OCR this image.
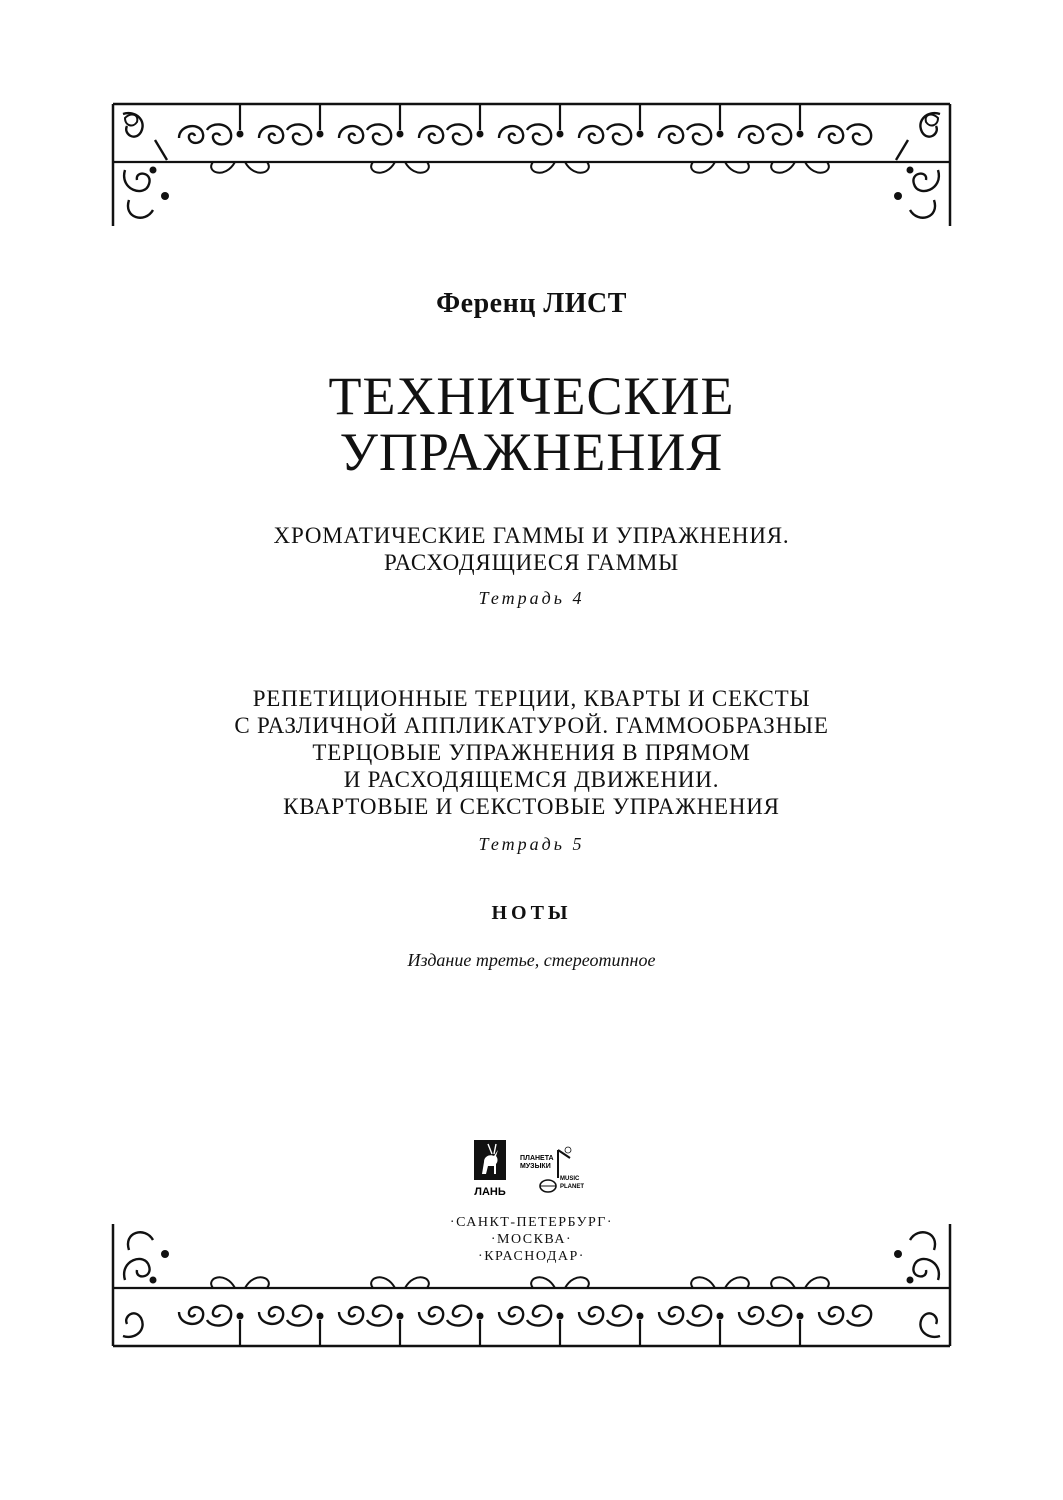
Ференц ЛИСТ
ТЕХНИЧЕСКИЕ
УПРАЖНЕНИЯ
ХРОМАТИЧЕСКИЕ ГАММЫ И УПРАЖНЕНИЯ.
РАСХОДЯЩИЕСЯ ГАММЫ
Тетрадь 4
РЕПЕТИЦИОННЫЕ ТЕРЦИИ, КВАРТЫ И СЕКСТЫ
С РАЗЛИЧНОЙ АППЛИКАТУРОЙ. ГАММООБРАЗНЫЕ
ТЕРЦОВЫЕ УПРАЖНЕНИЯ В ПРЯМОМ
И РАСХОДЯЩЕМСЯ ДВИЖЕНИИ.
КВАРТОВЫЕ И СЕКСТОВЫЕ УПРАЖНЕНИЯ
Тетрадь 5
НОТЫ
Издание третье, стереотипное
ЛАНЬ
ПЛАНЕТА
МУЗЫКИ
MUSIC
PLANET
·САНКТ-ПЕТЕРБУРГ·
·МОСКВА·
·КРАСНОДАР·
